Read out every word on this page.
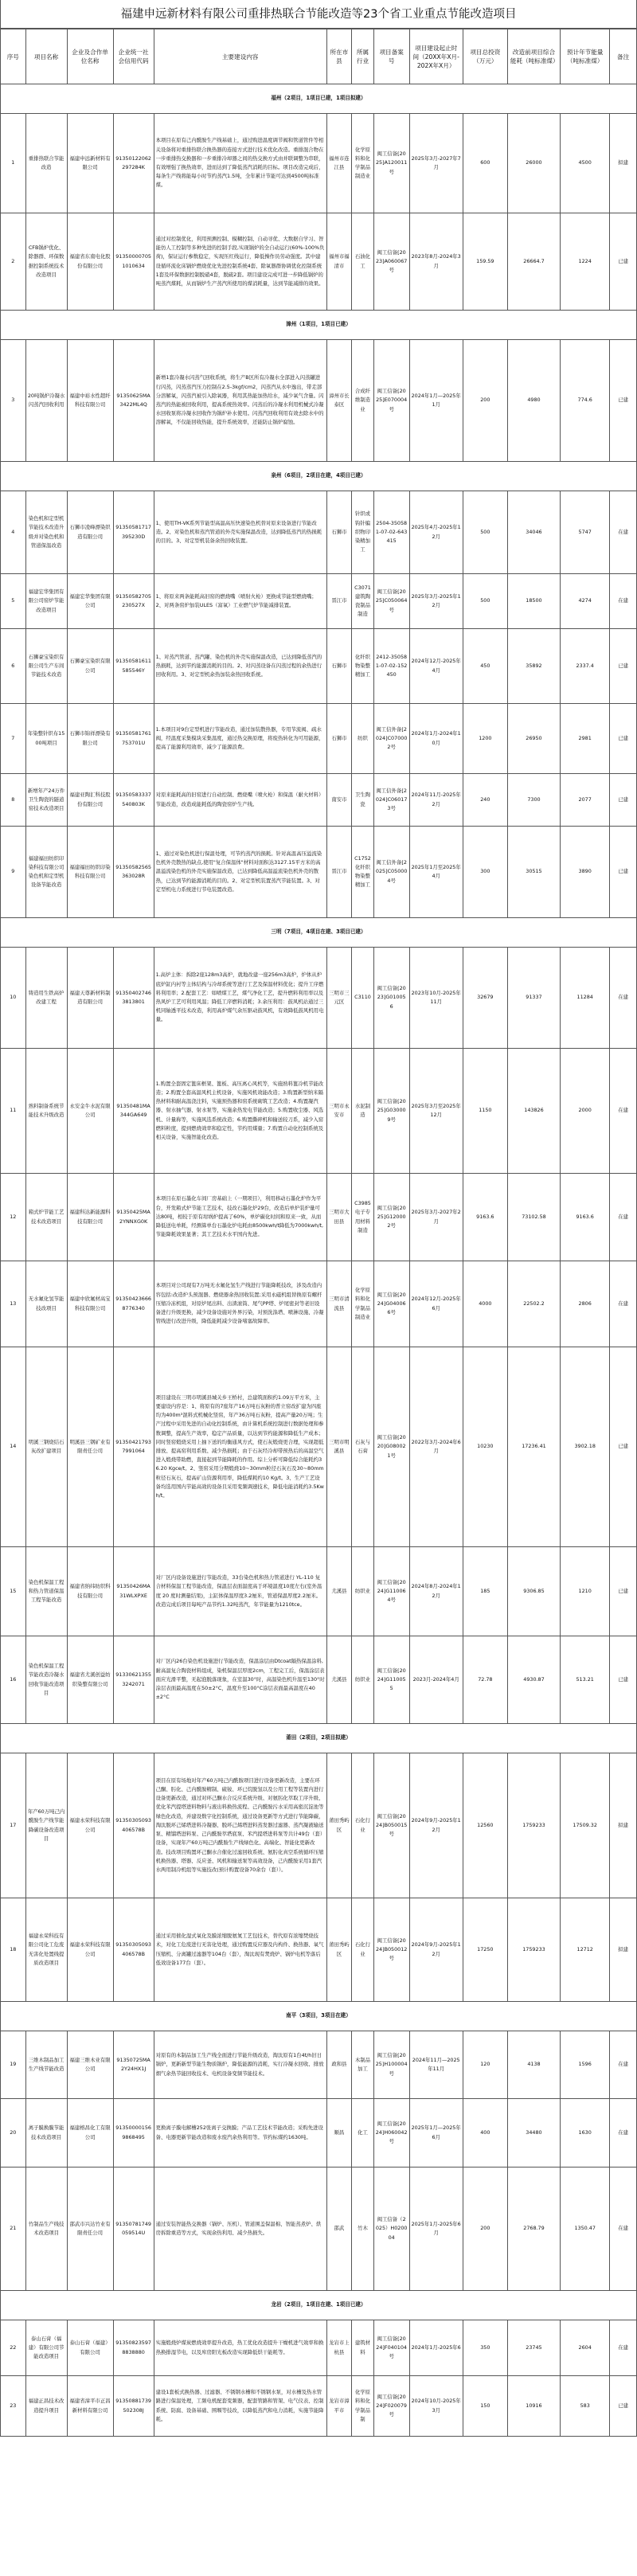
福建申远新材料有限公司重排热联合节能改造等23个省工业重点节能改造项目
序号	项目名称	企业及合作单位名称	企业统一社会信用代码	主要建设内容	所在市县	所属行业	项目备案号	项目建设起止时间（20XX年X月-202X年X月）	项目总投资（万元）	改造前项目综合能耗（吨标准煤）	预计年节能量（吨标准煤）	备注
福州（2项目，1项目已建，1项目拟建）												
1	重排热联合节能改造	福建申远新材料有限公司	91350122062297284K	本项目在原有己内酰胺生产线基础上，通过购进温度调节阀和管道管件等相关设备将对重排热联合换热器的连接方式进行技术优化改造。重排混合物在一步重排热交换器和一步重排冷却器之间的热交换方式由并联调整为串联，有效增强了换热效率，进而达到了降低蒸汽消耗的目标。项目改造完成后，每条生产线将能每小时节约蒸汽1.5吨，全年累计节能可达到4500吨标准煤。	福州市连江县	化学原料和化学制品制造业	闽工信备[2025]A120011号	2025年3月-2027年7月	600	26000	4500	拟建
2	CFB锅炉优化、除器群、环保数据控制系统技术改造项目	福建省东南电化股份有限公司	913500007051010634	通过对控制优化，利用预测控制、模糊控制、自动寻优、大数据自学习、智能仿人工控制等多种先进的控制手段,实现锅炉的全自动运行(60%-100%负荷)，保证运行参数稳定，实现压红线运行，降低操作员劳动强度。其中建设循环流化床锅炉燃烧优化先进控制系统4套、除氧器群协调优化控制系统1套及环保数据控制脱硝4套，脱硫2套。项目建设完成可进一步降低锅炉的吨蒸汽煤耗，从而锅炉生产蒸汽所使用的煤消耗量，达到节能减排的效果。	福州市福清市	石油化工	闽工信备[2023]A060067号	2023年8月-2024年3月	159.59	26664.7	1224	已建
漳州（1项目，1项目已建）												
3	20吨锅炉冷凝水闪蒸汽回收利用	福建中裕水性超纤科技有限公司	91350625MA3422ML4Q	新增1套冷凝水闪蒸气回收系统，将生产B区所有冷凝水全部进入闪蒸罐进行闪蒸，闪蒸蒸汽压力控制在2.5-3kgf/cm2，闪蒸汽从水中逸出，带走部分溶解氧，闪蒸汽被引入除氧器，利用其热能加热给水，减少氧气含量。闪蒸汽的热能被回收利用，提高系统热效率。闪蒸后的冷凝水利用机械式冷凝水回收泵将冷凝水回收作为锅炉补水使用。闪蒸汽回收利用有效去除水中的溶解氧，不仅能回收热能，提升系统效率，还能防止锅炉腐蚀。	漳州市长泰区	合成纤维制造业	闽工信备[2025]E070004号	2024年1月—2025年1月	200	4980	774.6	已建
泉州（6项目，2项目在建，4项目已建）												
4	染色机和定型机节能技术改造升级并对染色机和管道保温改造	石狮市凌峰漂染织造有限公司	91350581717395230D	1、使用TH-VK系列节能型高温高压快速染色机替对原来设备进行节能改造。2、对染色机和蒸汽管道的外壳实施保温改造，达到降低蒸汽的热损耗的目的。3、对定型机装备余热回收装置。	石狮市	针织或钩针编织物印染精加工	2504-350581-07-02-643415	2025年4月-2025年12月	500	34046	5747	在建
5	福建宏华集团有限公司窑炉节能改造项目	福建宏华集团有限公司	91350582705230527X	1、将原来两条能耗高旧窑的燃烧嘴（喷射火枪）更换成节能型燃烧嘴；2、对两条窑炉加装ULES（富氧）工业燃气炉节能减排装置。	晋江市	C3071建筑陶瓷制品制造	闽工信备[2025]C050064号	2025年3月-2025年12月	500	18500	4274	在建
6	石狮豪宝染织有限公司生产车间节能技术改造	石狮豪宝染织有限公司	91350581611585546Y	1、对蒸汽管道、蒸汽罐、染色机的外壳实施保温改造，已达到降低蒸汽的热损耗，达到节约能源消耗的目的。2、对闪蒸设备在闪蒸过程的余热进行回收利用。3、对定型机余热加装余热回收系统。	石狮市	化纤织物染整精加工	2412-350581-07-02-152450	2024年12月-2025年4月	450	35892	2337.4	已建
7	年染整针织布1500吨项目	石狮市锦祥漂染有限公司	91350581761753701U	1.本项目对9台定型机进行节能改造，通过加装散热器，专用节流阀、疏水阀，经温度采集模块采集温度，通过热交换原理，将废热转化为可用能源，提高了能源利用效率，减少了能源浪费。	石狮市	纺织	闽工信外备[2024]C070002号	2024年1月-2024年10月	1200	26950	2981	已建
8	新增年产24万件卫生陶瓷的隧道窑技术改造项目	福建亚陶汇科技股份有限公司	91350583337540803K	对原来能耗高的旧窑进行自动控制、燃烧嘴（喷火枪）和保温（耐火材料）节能改造，改造成能耗低的陶瓷窑炉生产线。	南安市	卫生陶瓷	闽工信外备[2024]C060173号	2024年11月-2025年2月	240	7300	2077	已建
9	福建福田纺织印染科技有限公司染色机和定型机设备节能改造	福建福田纺织印染科技有限公司	91350582565363028R	1、通过对染色机进行保温处理，可节约蒸汽的损耗。针对高温高压溢流染色机外壳散热的缺点,使用"复合保温体"材料对面积达3127.15平方米的高温溢流染色机的外壳实施保温改造，已达到降低高温溢流染色机外壳的散热，已达到节约能源消耗的目的。2、对定型机装置蒸汽节能装置。3、对定型机电力系统进行节电装置改造。	晋江市	C1752化纤织物染整精加工	闽工信外备[2025]C050004号	2025年1月至2025年4月	300	30515	3890	已建
三明（7项目，4项目在建、3项目已建）												
10	铸造用生铁高炉改建工程	福建天尊新材料制造有限公司	913504027463813801	1.高炉主体：拆除2座128m3高炉，就地改建一座256m3高炉，炉体从炉底炉缸内衬等主体结构与冷却系统等进行工艺及保温材料优化；提升工序燃料利用率；2.配套工艺：如喷煤工艺，煤气净化工艺，提升燃料利用率以及热风炉工艺可利用风温；降低工序燃料消耗；3.余压利用：鼓风机站通过三机同轴透平技术改造，利用高炉煤气余压驱动鼓风机，有效降低鼓风机用电量。	三明市三元区	C3110	闽工信备[2023]G010056	2023年10月-2025年11月	32679	91337	11284	在建
11	熟料制备系统节能技术升级改造	永安金牛水泥有限公司	91350481MA344GA649	1.购置全套固定篦床框架、篦板、高压离心风机等，实施熟料篦冷机节能改造；2.购置全套高温风机主机设备，实施风机效能改造；3.购置新型纳米隔热材料和耐高温浇注料，实施预热器和窑系统砌筑工艺改造；4.购置凝汽器、射水抽气器、射水泵等，实施余热发电节能改造；5.购置收尘器、风选机、计量称等，实施风选系统改造；6.购置撕碎机和输送较刀系，减少入窑燃料粒度，提到燃烧效率和稳定性，节约用煤量；7.购置自动化控制系统及相关设备，实施智能化改造。	三明市永安市	水泥制造	闽工信备[2025]G030009号	2025年3月至2025年12月	1150	143826	2000	在建
12	箱式炉节能工艺技术改造项目	福建科达新能源科技有限公司	91350425MA2YNNXG0K	本项目在原石墨化车间厂房基础上（一期项目），利用移动石墨化炉作为平台，开发箱式炉节能工艺技术，技改石墨化炉29台，改造后单炉装炉量可达80吨，相较于原有坩埚炉提高了60%，单炉碳化时间和原来一致，从而降低送电单耗，经测算单台石墨化炉电耗由8500kwh/t降低为7000kwh/t,节能降耗效果显著；其工艺技术水平国内先进。	三明市大田县	C3985电子专用材料制造	闽工信备[2025]G120002号	2025年3月-2027年2月	9163.6	73102.58	9163.6	在建
13	无水氟化氢节能技改项目	福建中欣氟材高宝科技有限公司	913504236668776340	本项目对公司现有7万吨无水氟化氢生产线进行节能降耗技改，涉及改造内容包括:改造炉头预混器、燃烧器余热回收装置;采用永磁机组替换原有螺杆压缩冷冻机组，对原炉尾出料、出渣滚筒、尾气PP塔、炉尾密封等老旧设备进行升级更换，减少设备设施对外界污染，对预洗涤塔、喷淋设施、冷凝管线进行改进升级，降低能耗减少设备堵塞故障率。	三明市清流县	化学原料和化学制品制造业	闽工信备[2024]G040066号	2024年12月-2025年6月	4000	22502.2	2806	在建
14	明溪三钢烧结石灰改扩建项目	明溪县三钢矿业有限责任公司	913504217937991064	项目建设在三明市明溪县城关乡王桥村，总建筑面积约1.09万平方米，主要建设内容是：1、将原有的7座年产16万吨石灰粉的普立窑改扩建为四座均为400m³混料式机械化竖窑，年产36万吨石灰粉，提高产量20万吨；生产过程中采用先进的自动化控制系统，由计算机系统控制进行数据处理和参数调整，提高生产效率，稳定产品质量，以达到节约能源和降低生产成本；同时竖窑煅烧采用上抽下送的均衡通风方式，使石灰煅烧更合理，实现超低排放、提高窑利用系数、减少热损耗；由于石灰经冷却带预热后的高温空气进入煅烧带助燃，直接起到节能降耗的作用。综上分析可降低综合能耗约36.20 Kgce/t。2、竖窑采用分期煅烧10~30mm粒径石灰石及30~80mm粒径石灰石，提高矿山资源利用率，降低煤耗约10 Kg/t。3、生产工艺设备均选用国内节能高效的设备且采用变频调速技术，降低电能消耗约3.5Kwh/t。	三明市明溪县	石灰与石膏	闽工信备[2020]G080021号	2022年3月-2024年6月	10230	17236.41	3902.18	已建
15	染色机保温工程和热力管道保温工程节能改造	福建省纳纬纺织科技有限公司	91350426MA31WLXPXE	对厂区内设备设施进行节能改造，33台染色机和热力管道进行 YL-110 复合材料保温工程节能改造，保温层表面温度高于环境温度10度左右(室外温度 20 度时测量结果)，主缸体保温厚度3.2厘米，管道保温厚度2.2厘米。改造完成后项目每吨产品节约1.32吨蒸汽，年节能量为1210tce。	尤溪县	纺织业	闽工信备[2024]G110064号	2024年8月-2024年12月	185	9306.85	1210	已建
16	染色机保温工程节能改造冷凝水回收节能改造项目	福建省尤溪创益纺织染整有限公司	913306213553242071	对厂区内26台染色机设施进行节能改造，保温涂层由Dtcoat隔热保温涂料,耐高温复合陶瓷材料组成，染机保温层厚度2cm，工程完工后，保温涂层表面应光滑平整，无起泡脱落现象，在室温30°时，高温染色机升温至130°时涂层表面最高温度在50±2°C，温度升至100°C涂层表面最高温度在40±2°C	尤溪县	纺织业	闽工信备[2024]G110055	2023月-2024年4月	72.78	4930.87	513.21	已建
莆田（2项目，2项目拟建）												
17	年产60万吨己内酰胺生产线节能降碳设备改造项目	福建永荣科技有限公司	91350305093406578B	项目在原有场地对年产60万吨己内酰胺项目进行设备更新改造，主要在环己酮、肟化、己内酰胺精制、硫铵、环已烷脱氢以及公用工程等装置内进行设备更新改造，通过对环己酮水合反应系统升级、对氨肟化萃取工序升级、优化苯汽提塔进料物料与液出料换热流程、己内酰胺污水采用高密沉淀池等绿色化改造，并建设数字化控制系统，通过设备更新等方式进行节能降碳，淘汰脱环己烯塔进料冷凝器、脱环己烯塔进料蒸发器过滤器、蒸汽凝液输送泵、精馏塔进料泵、己内酰胺萃塔底泵、苯汽提塔进料泵等共计49台（套）设备，实现年产60万吨己内酰胺生产线绿色化、高端化、智能化更新改造。技改项目购置环己酮水合催化过滤回收系统、氨肟化真空系统循环压缩机换热器、塔器、反应釜、风机和输送泵等高效设备，己内酰胺采用1套汽水两用制冷机组等实施技改(预计购置设备70余台（套））。	莆田秀屿区	石化行业	闽工信备[2024]B050015号	2024年9月-2025年12月	12560	1759233	17509.32	拟建
18	福建永荣科技有限公司化工危废无害化处置线提质改造项目	福建永荣科技有限公司	91350305093406578B	通过采用催化湿式氧化及膜浓缩脱氨氮工艺包技术，替代原有浓缩焚烧技术，对化工危废进行无害化处理，通过购置反应器及内构件、换热器、氧气压缩机、分离罐过滤器等104台（套），淘汰现有焚烧炉、锅炉电机等落后低效设备177台（套）。	莆田秀屿区	石化行业	闽工信备[2024]B050012号	2024年9月-2025年12月	17250	1759233	12712	拟建
南平（3项目，3项目在建）												
19	三维木制品加工生产线节能改造	福建三维木业有限公司	91350725MA2Y24HX1J	对原有的木制品加工生产线全面进行节能升级改造，淘汰原有1台4t/h旧日锅炉，更新新型节能生物质锅炉，降低能源的消耗，实行冷凝水回收、排放烟气余热节能回收技术、电机设备变频节能技术。	政和县	木制品加工	闽工信备[2025]H100004号	2024年11月—2025年11月	120	4138	1596	在建
20	离子膜换膜节能技术改造项目	福建榕昌化工有限公司	913500001569868495	更换离子膜电解槽252张离子交换膜；产品工艺技术节能改造；采购先进设备、电器更新节能改造和废水废汽余热利用等。节约标煤约1630吨。	顺昌	化工	闽工信备[2024]H060042号	2025年1月—2025年6月	400	34480	1630	在建
21	竹制品生产线技术改造项目	邵武市兴达竹业有限责任公司	91350781749059514U	通过安装智能热交换器（锅炉、压机）、管道围盖保温棉、智能蒸煮炉、烘房拆除重造等方式，实现余热利用、减少热损失。	邵武	竹木	闽工信备（2025）H020004	2025年1月-2025年6月	200	2768.79	1350.47	在建
龙岩（2项目，1项目在建、1项目已建）												
22	泰山石膏（福建）有限公司节能改造项目	泰山石膏（福建）有限公司	913508235978838880	实施煅烧炉煤炭燃烧效率提升改造，热工优化改造提升干燥机进气效率和换热换排湿节电，以及库房阳光板改造实现降低烘干能耗等。	龙岩市上杭县	建筑材料	闽工信备[2024]F040104号	2024年1月-2025年6	350	23745	2604	在建
23	福建正昌技术改造提升项目	福建省漳平市正昌新材料有限公司	91350881739502308J	建设1套板式换热器、过滤器、不锈钢水槽和不锈钢水泵，对水槽及热水管路进行保温处理，工频电机配套变频器，配套管路和管架、电气仪表、控制系统、防腐、设备基础、围堰等技改，以降低蒸汽和电力消耗，实施节能降耗。	龙岩市漳平市	化学原料和化学制品制	闽工信备[2024]F020079号	2024年10月-2025年3月	150	10916	583	已建
